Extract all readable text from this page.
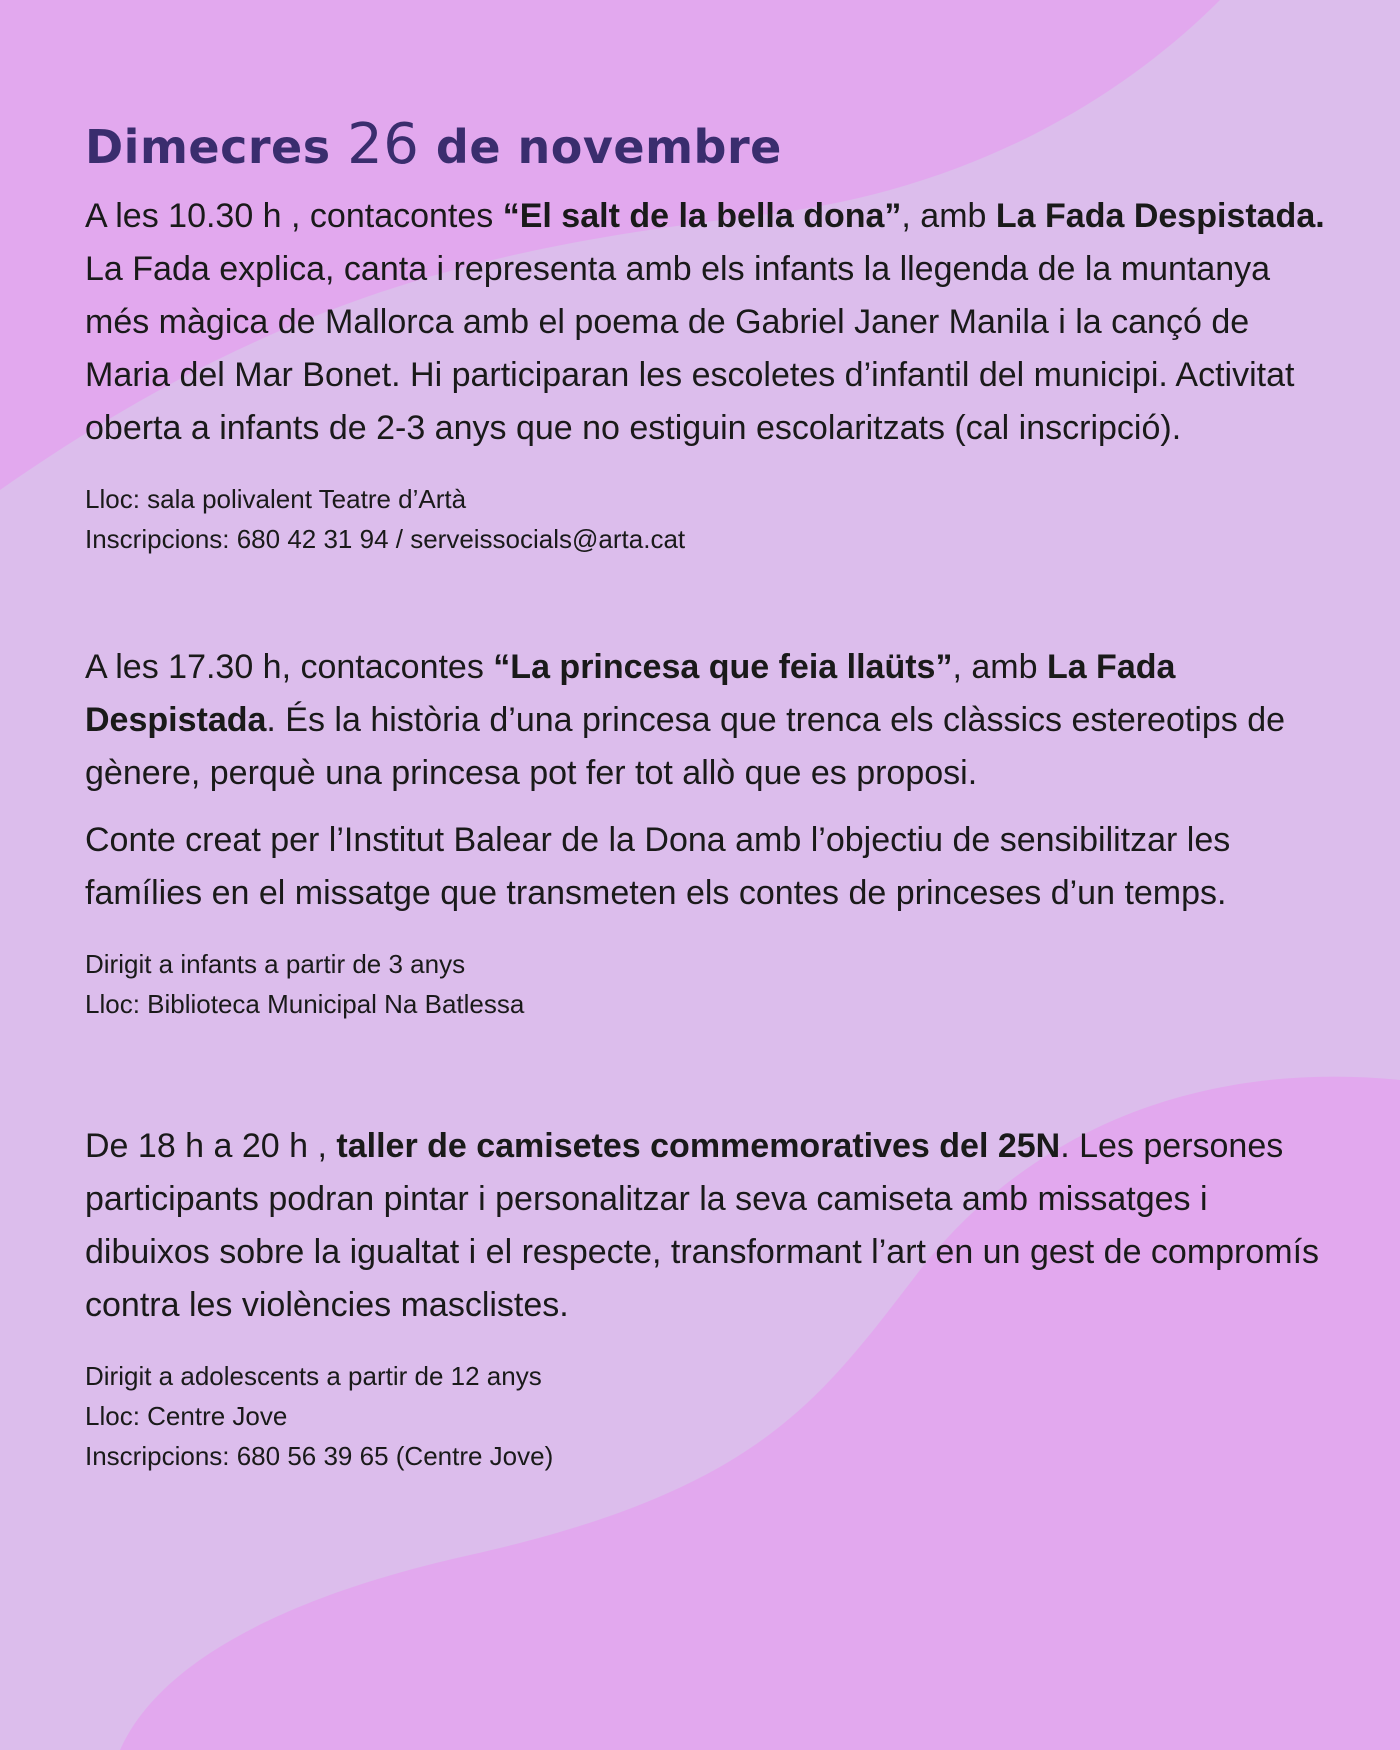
Dimecres 26 de novembre

A les 10.30 h , contacontes “El salt de la bella dona”, amb La Fada Despistada. La Fada explica, canta i representa amb els infants la llegenda de la muntanya més màgica de Mallorca amb el poema de Gabriel Janer Manila i la cançó de Maria del Mar Bonet. Hi participaran les escoletes d’infantil del municipi. Activitat oberta a infants de 2-3 anys que no estiguin escolaritzats (cal inscripció).

Lloc: sala polivalent Teatre d’Artà
Inscripcions: 680 42 31 94 / serveissocials@arta.cat

A les 17.30 h, contacontes “La princesa que feia llaüts”, amb La Fada Despistada. És la història d’una princesa que trenca els clàssics estereotips de gènere, perquè una princesa pot fer tot allò que es proposi.

Conte creat per l’Institut Balear de la Dona amb l’objectiu de sensibilitzar les famílies en el missatge que transmeten els contes de princeses d’un temps.

Dirigit a infants a partir de 3 anys
Lloc: Biblioteca Municipal Na Batlessa

De 18 h a 20 h , taller de camisetes commemoratives del 25N. Les persones participants podran pintar i personalitzar la seva camiseta amb missatges i dibuixos sobre la igualtat i el respecte, transformant l’art en un gest de compromís contra les violències masclistes.

Dirigit a adolescents a partir de 12 anys
Lloc: Centre Jove
Inscripcions: 680 56 39 65 (Centre Jove)
